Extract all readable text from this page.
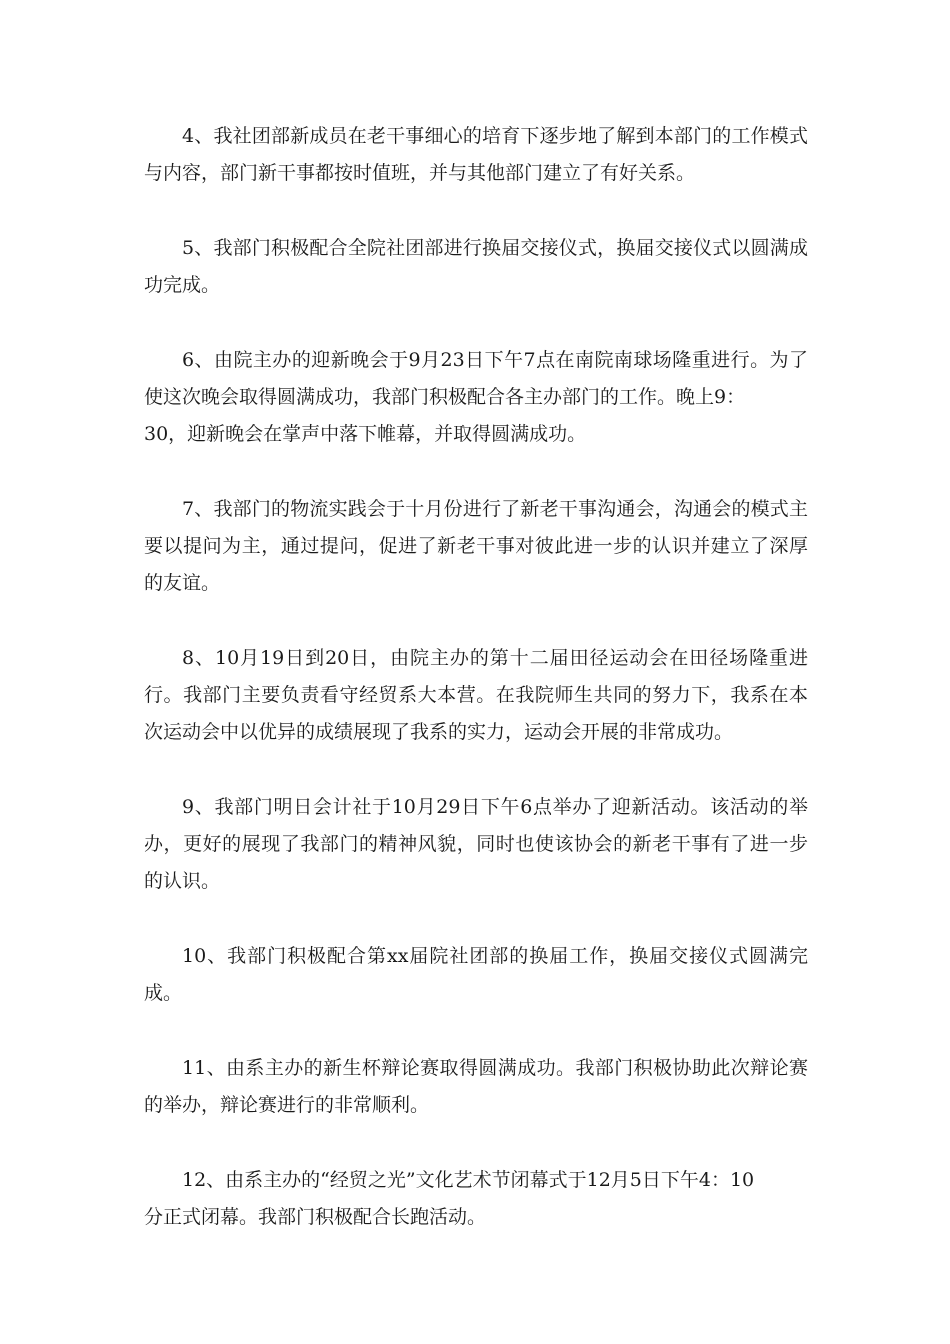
4、我社团部新成员在老干事细心的培育下逐步地了解到本部门的工作模式与内容，部门新干事都按时值班，并与其他部门建立了有好关系。

5、我部门积极配合全院社团部进行换届交接仪式，换届交接仪式以圆满成功完成。

6、由院主办的迎新晚会于9月23日下午7点在南院南球场隆重进行。为了使这次晚会取得圆满成功，我部门积极配合各主办部门的工作。晚上9：
30，迎新晚会在掌声中落下帷幕，并取得圆满成功。

7、我部门的物流实践会于十月份进行了新老干事沟通会，沟通会的模式主要以提问为主，通过提问，促进了新老干事对彼此进一步的认识并建立了深厚的友谊。

8、10月19日到20日，由院主办的第十二届田径运动会在田径场隆重进行。我部门主要负责看守经贸系大本营。在我院师生共同的努力下，我系在本次运动会中以优异的成绩展现了我系的实力，运动会开展的非常成功。

9、我部门明日会计社于10月29日下午6点举办了迎新活动。该活动的举办，更好的展现了我部门的精神风貌，同时也使该协会的新老干事有了进一步的认识。

10、我部门积极配合第xx届院社团部的换届工作，换届交接仪式圆满完成。

11、由系主办的新生杯辩论赛取得圆满成功。我部门积极协助此次辩论赛的举办，辩论赛进行的非常顺利。

12、由系主办的“经贸之光”文化艺术节闭幕式于12月5日下午4：10
分正式闭幕。我部门积极配合长跑活动。
